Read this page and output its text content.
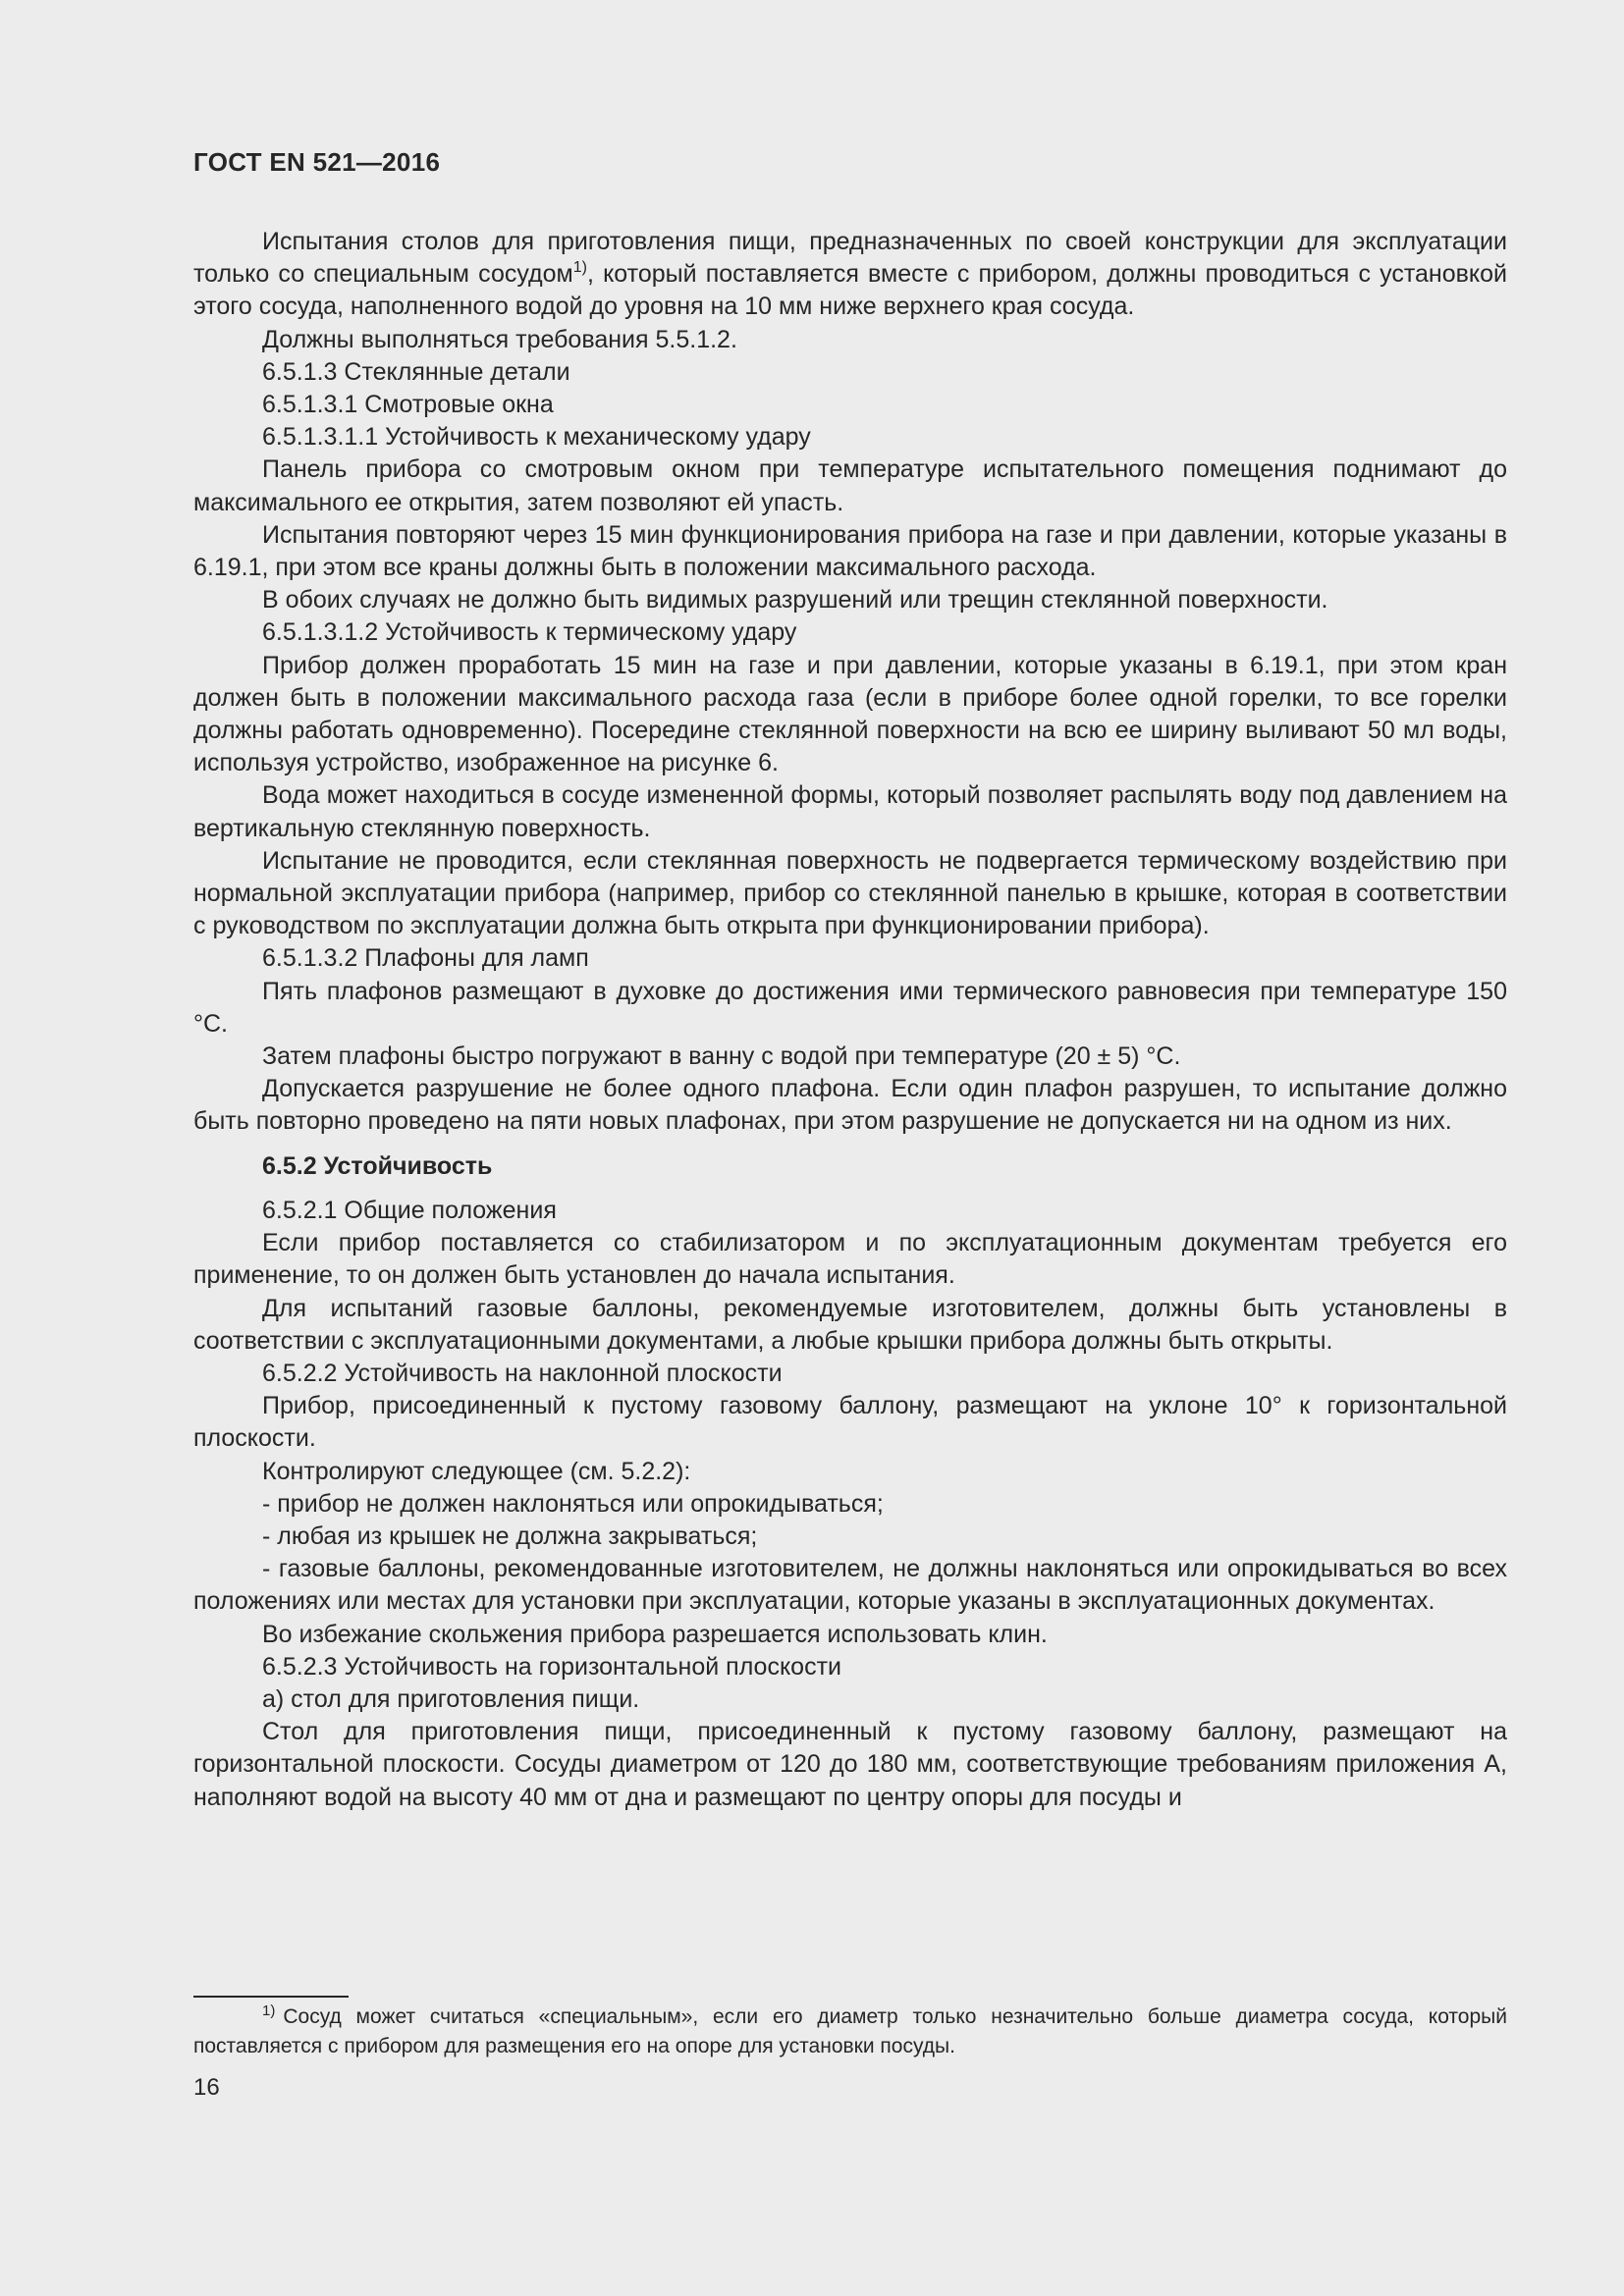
ГОСТ EN 521—2016

Испытания столов для приготовления пищи, предназначенных по своей конструкции для эксплуатации только со специальным сосудом$^{1)}$, который поставляется вместе с прибором, должны проводиться с установкой этого сосуда, наполненного водой до уровня на 10 мм ниже верхнего края сосуда.

Должны выполняться требования 5.5.1.2.

6.5.1.3 Стеклянные детали

6.5.1.3.1 Смотровые окна

6.5.1.3.1.1 Устойчивость к механическому удару

Панель прибора со смотровым окном при температуре испытательного помещения поднимают до максимального ее открытия, затем позволяют ей упасть.

Испытания повторяют через 15 мин функционирования прибора на газе и при давлении, которые указаны в 6.19.1, при этом все краны должны быть в положении максимального расхода.

В обоих случаях не должно быть видимых разрушений или трещин стеклянной поверхности.

6.5.1.3.1.2 Устойчивость к термическому удару

Прибор должен проработать 15 мин на газе и при давлении, которые указаны в 6.19.1, при этом кран должен быть в положении максимального расхода газа (если в приборе более одной горелки, то все горелки должны работать одновременно). Посередине стеклянной поверхности на всю ее ширину выливают 50 мл воды, используя устройство, изображенное на рисунке 6.

Вода может находиться в сосуде измененной формы, который позволяет распылять воду под давлением на вертикальную стеклянную поверхность.

Испытание не проводится, если стеклянная поверхность не подвергается термическому воздействию при нормальной эксплуатации прибора (например, прибор со стеклянной панелью в крышке, которая в соответствии с руководством по эксплуатации должна быть открыта при функционировании прибора).

6.5.1.3.2 Плафоны для ламп

Пять плафонов размещают в духовке до достижения ими термического равновесия при температуре 150 °С.

Затем плафоны быстро погружают в ванну с водой при температуре (20 ± 5) °С.

Допускается разрушение не более одного плафона. Если один плафон разрушен, то испытание должно быть повторно проведено на пяти новых плафонах, при этом разрушение не допускается ни на одном из них.

6.5.2 Устойчивость

6.5.2.1 Общие положения

Если прибор поставляется со стабилизатором и по эксплуатационным документам требуется его применение, то он должен быть установлен до начала испытания.

Для испытаний газовые баллоны, рекомендуемые изготовителем, должны быть установлены в соответствии с эксплуатационными документами, а любые крышки прибора должны быть открыты.

6.5.2.2 Устойчивость на наклонной плоскости

Прибор, присоединенный к пустому газовому баллону, размещают на уклоне 10° к горизонтальной плоскости.

Контролируют следующее (см. 5.2.2):

- прибор не должен наклоняться или опрокидываться;

- любая из крышек не должна закрываться;

- газовые баллоны, рекомендованные изготовителем, не должны наклоняться или опрокидываться во всех положениях или местах для установки при эксплуатации, которые указаны в эксплуатационных документах.

Во избежание скольжения прибора разрешается использовать клин.

6.5.2.3 Устойчивость на горизонтальной плоскости

а) стол для приготовления пищи.

Стол для приготовления пищи, присоединенный к пустому газовому баллону, размещают на горизонтальной плоскости. Сосуды диаметром от 120 до 180 мм, соответствующие требованиям приложения А, наполняют водой на высоту 40 мм от дна и размещают по центру опоры для посуды и

$^{1)}$ Сосуд может считаться «специальным», если его диаметр только незначительно больше диаметра сосуда, который поставляется с прибором для размещения его на опоре для установки посуды.
16
